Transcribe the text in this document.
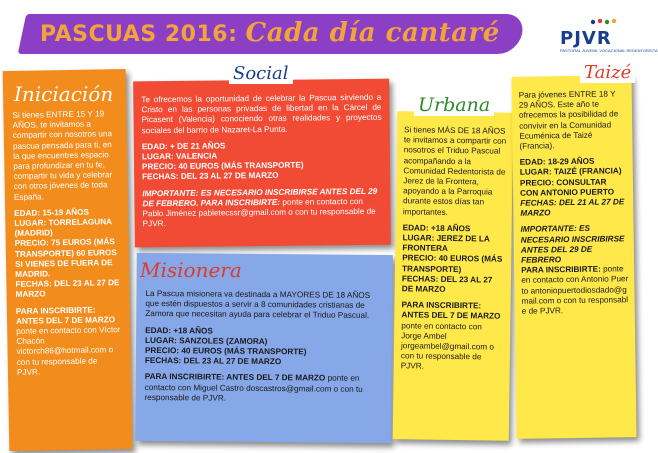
PASCUAS 2016: Cada día cantaré	PJVR
PASTORAL JUVENIL VOCACIONAL REDENTORISTA
Iniciación

Si tienes ENTRE 15 Y 19 AÑOS, te invitamos a compartir con nosotros una pascua pensada para ti, en la que encuentres espacio para profundizar en tu fe, compartir tu vida y celebrar con otros jóvenes de toda España.

EDAD: 15-19 AÑOS

LUGAR: TORRELAGUNA (MADRID)

PRECIO: 75 EUROS (MÁS TRANSPORTE) 60 EUROS SI VIENES DE FUERA DE MADRID.

FECHAS: DEL 23 AL 27 DE MARZO

PARA INSCRIBIRTE: ANTES DEL 7 DE MARZO ponte en contacto con Víctor Chacón victorch86@hotmail.com o con tu responsable de PJVR.

Social

Te ofrecemos la oportunidad de celebrar la Pascua sirviendo a Cristo en las personas privadas de libertad en la Cárcel de Picasent (Valencia) conociendo otras realidades y proyectos sociales del barrio de Nazaret-La Punta.

EDAD: + DE 21 AÑOS

LUGAR: VALENCIA

PRECIO: 40 EUROS (MÁS TRANSPORTE)

FECHAS: DEL 23 AL 27 DE MARZO

IMPORTANTE: ES NECESARIO INSCRIBIRSE ANTES DEL 29 DE FEBRERO. PARA INSCRIBIRTE: ponte en contacto con Pablo Jiménez pabletecssr@gmail.com o con tu responsable de PJVR.

Misionera

La Pascua misionera va destinada a MAYORES DE 18 AÑOS que estén dispuestos a servir a 8 comunidades cristianas de Zamora que necesitan ayuda para celebrar el Triduo Pascual.

EDAD: +18 AÑOS

LUGAR: SANZOLES (ZAMORA)

PRECIO: 40 EUROS (MÁS TRANSPORTE)

FECHAS: DEL 23 AL 27 DE MARZO

PARA INSCRIBIRTE: ANTES DEL 7 DE MARZO ponte en contacto con Miguel Castro doscastros@gmail.com o con tu responsable de PJVR.

Urbana

Si tienes MÁS DE 18 AÑOS te invitamos a compartir con nosotros el Triduo Pascual acompañando a la Comunidad Redentorista de Jerez de la Frontera, apoyando a la Parroquia durante estos días tan importantes.

EDAD: +18 AÑOS

LUGAR: JEREZ DE LA FRONTERA

PRECIO: 40 EUROS (MÁS TRANSPORTE)

FECHAS: DEL 23 AL 27 DE MARZO

PARA INSCRIBIRTE: ANTES DEL 7 DE MARZO ponte en contacto con Jorge Ambel jorgeambel@gmail.com o con tu responsable de PJVR.

Taizé

Para jóvenes ENTRE 18 Y 29 AÑOS. Este año te ofrecemos la posibilidad de convivir en la Comunidad Ecuménica de Taizé (Francia).

EDAD: 18-29 AÑOS

LUGAR: TAIZÉ (FRANCIA)

PRECIO: CONSULTAR CON ANTONIO PUERTO

FECHAS: DEL 21 AL 27 DE MARZO

IMPORTANTE: ES NECESARIO INSCRIBIRSE ANTES DEL 29 DE FEBRERO

PARA INSCRIBIRTE: ponte en contacto con Antonio Puerto antoniopuertodiosdado@gmail.com o con tu responsable de PJVR.
